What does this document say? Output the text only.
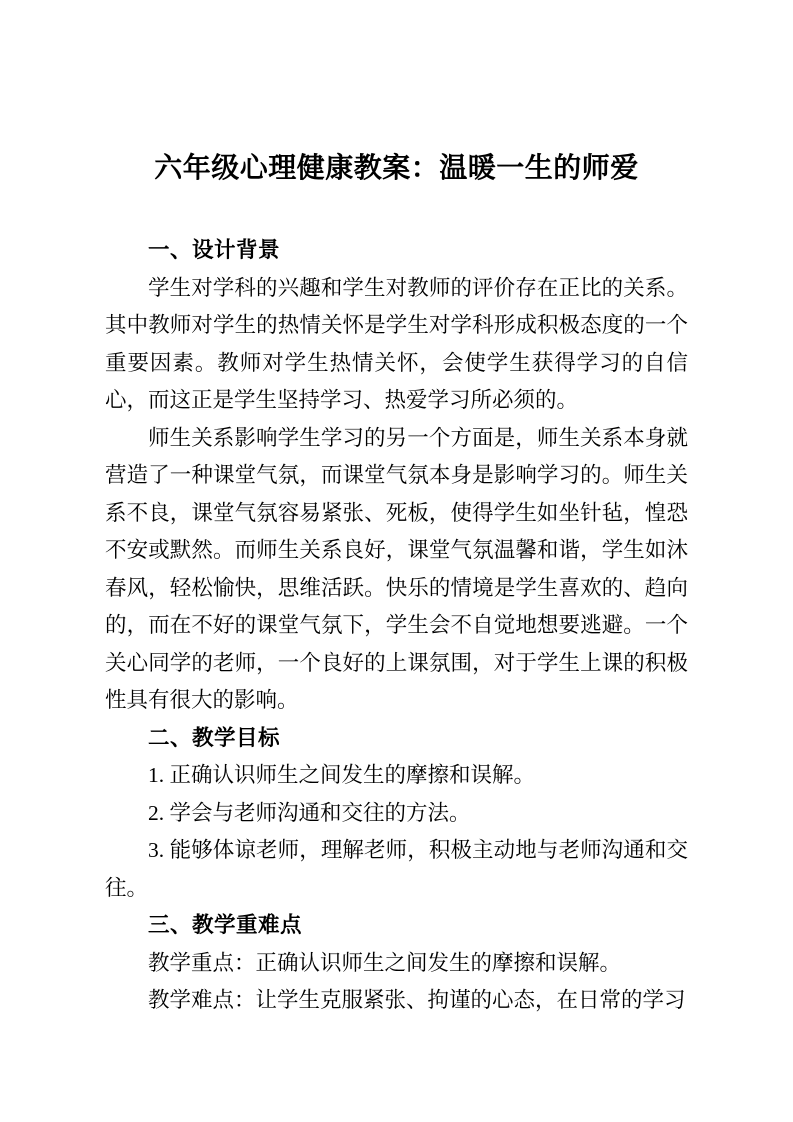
六年级心理健康教案：温暖一生的师爱
一、设计背景

学生对学科的兴趣和学生对教师的评价存在正比的关系。其中教师对学生的热情关怀是学生对学科形成积极态度的一个重要因素。教师对学生热情关怀，会使学生获得学习的自信心，而这正是学生坚持学习、热爱学习所必须的。

师生关系影响学生学习的另一个方面是，师生关系本身就营造了一种课堂气氛，而课堂气氛本身是影响学习的。师生关系不良，课堂气氛容易紧张、死板，使得学生如坐针毡，惶恐不安或默然。而师生关系良好，课堂气氛温馨和谐，学生如沐春风，轻松愉快，思维活跃。快乐的情境是学生喜欢的、趋向的，而在不好的课堂气氛下，学生会不自觉地想要逃避。一个关心同学的老师，一个良好的上课氛围，对于学生上课的积极性具有很大的影响。

二、教学目标

1. 正确认识师生之间发生的摩擦和误解。

2. 学会与老师沟通和交往的方法。

3. 能够体谅老师，理解老师，积极主动地与老师沟通和交往。

三、教学重难点

教学重点：正确认识师生之间发生的摩擦和误解。

教学难点：让学生克服紧张、拘谨的心态，在日常的学习
